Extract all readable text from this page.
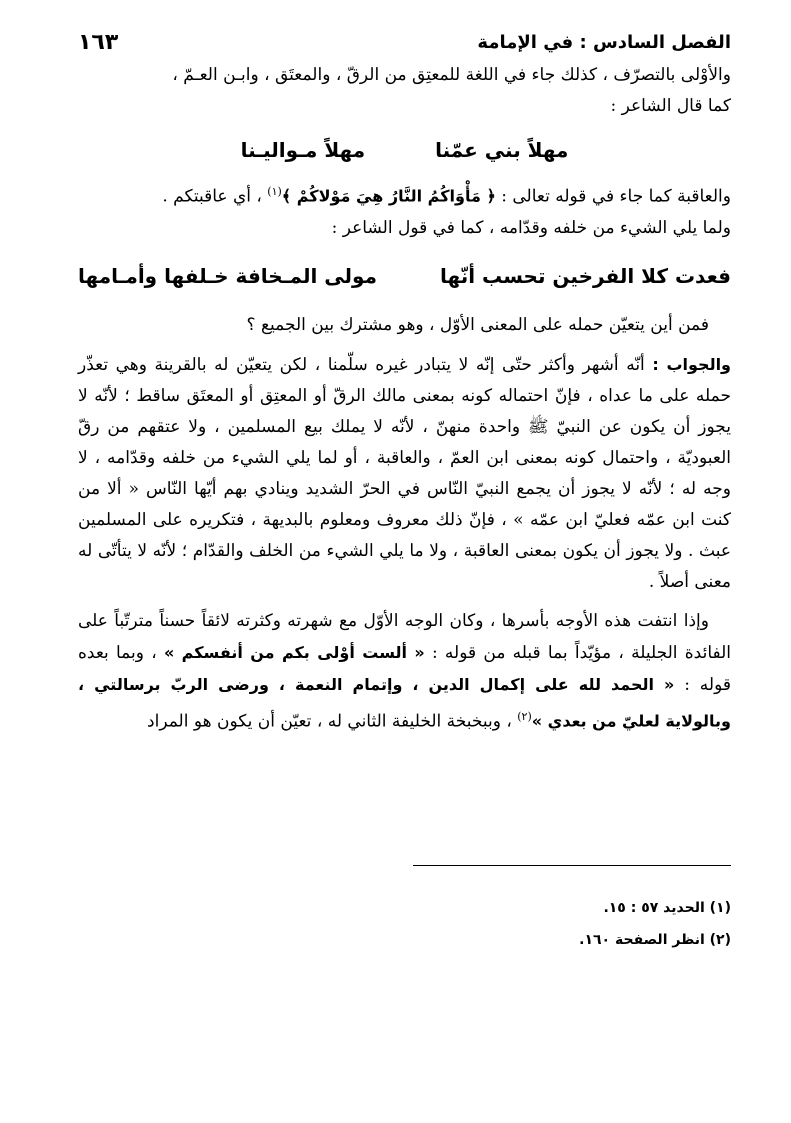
الفصل السادس : في الإمامة
١٦٣

والأوْلى بالتصرّف ، كذلك جاء في اللغة للمعتِق من الرقّ ، والمعتَق ، وابـن العـمّ ،

كما قال الشاعر :

مهلاً بني عمّنا
مهلاً مـواليـنا

والعاقبة كما جاء في قوله تعالى : ﴿ مَأْوَاكُمُ النَّارُ هِيَ مَوْلاكُمْ ﴾$^{(١)}$ ، أي عاقبتكم .

ولما يلي الشيء من خلفه وقدّامه ، كما في قول الشاعر :

فعدت كلا الفرخين تحسب أنّها
مولى المـخافة خـلفها وأمـامها

فمن أين يتعيّن حمله على المعنى الأوّل ، وهو مشترك بين الجميع ؟

والجواب : أنّه أشهر وأكثر حتّى إنّه لا يتبادر غيره سلّمنا ، لكن يتعيّن له بالقرينة وهي تعذّر حمله على ما عداه ، فإنّ احتماله كونه بمعنى مالك الرقّ أو المعتِق أو المعتَق ساقط ؛ لأنّه لا يجوز أن يكون عن النبيّ ﷺ واحدة منهنّ ، لأنّه لا يملك بيع المسلمين ، ولا عتقهم من رقّ العبوديّة ، واحتمال كونه بمعنى ابن العمّ ، والعاقبة ، أو لما يلي الشيء من خلفه وقدّامه ، لا وجه له ؛ لأنّه لا يجوز أن يجمع النبيّ النّاس في الحرّ الشديد وينادي بهم أيّها النّاس « ألا من كنت ابن عمّه فعليّ ابن عمّه » ، فإنّ ذلك معروف ومعلوم بالبديهة ، فتكريره على المسلمين عبث . ولا يجوز أن يكون بمعنى العاقبة ، ولا ما يلي الشيء من الخلف والقدّام ؛ لأنّه لا يتأتّى له معنى أصلاً .

وإذا انتفت هذه الأوجه بأسرها ، وكان الوجه الأوّل مع شهرته وكثرته لائقاً حسناً مترتّباً على الفائدة الجليلة ، مؤيّداً بما قبله من قوله : « ألست أوْلى بكم من أنفسكم » ، وبما بعده قوله : « الحمد لله على إكمال الدين ، وإتمام النعمة ، ورضى الربّ برسالتي ، وبالولاية لعليّ من بعدي »$^{(٢)}$ ، وببخبخة الخليفة الثاني له ، تعيّن أن يكون هو المراد

(١) الحديد ٥٧ : ١٥.
(٢) انظر الصفحة ١٦٠.
